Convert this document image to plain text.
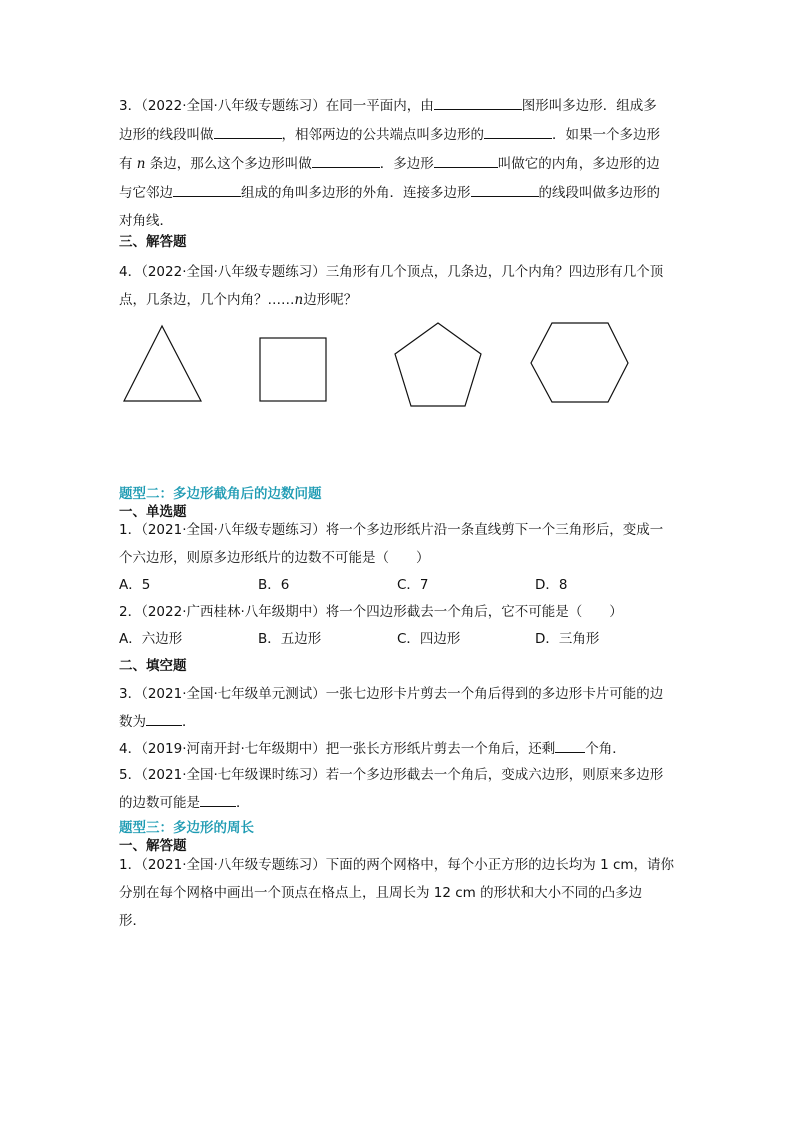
3．（2022·全国·八年级专题练习）在同一平面内，由	图形叫多边形．组成多
边形的线段叫做	，相邻两边的公共端点叫多边形的	．如果一个多边形
有 n 条边，那么这个多边形叫做	．多边形	叫做它的内角，多边形的边
与它邻边	组成的角叫多边形的外角．连接多边形	的线段叫做多边形的
对角线．
三、解答题
4．（2022·全国·八年级专题练习）三角形有几个顶点，几条边，几个内角？四边形有几个顶
点，几条边，几个内角？……n边形呢？
题型二：多边形截角后的边数问题
一、单选题
1．（2021·全国·八年级专题练习）将一个多边形纸片沿一条直线剪下一个三角形后，变成一
个六边形，则原多边形纸片的边数不可能是（　　）
A．5	B．6	C．7	D．8
2．（2022·广西桂林·八年级期中）将一个四边形截去一个角后，它不可能是（　　）
A．六边形	B．五边形	C．四边形	D．三角形
二、填空题
3．（2021·全国·七年级单元测试）一张七边形卡片剪去一个角后得到的多边形卡片可能的边
数为	．
4．（2019·河南开封·七年级期中）把一张长方形纸片剪去一个角后，还剩 个角．
5．（2021·全国·七年级课时练习）若一个多边形截去一个角后，变成六边形，则原来多边形
的边数可能是	．
题型三：多边形的周长
一、解答题
1．（2021·全国·八年级专题练习）下面的两个网格中，每个小正方形的边长均为 1 cm，请你
分别在每个网格中画出一个顶点在格点上，且周长为 12 cm 的形状和大小不同的凸多边
形．
